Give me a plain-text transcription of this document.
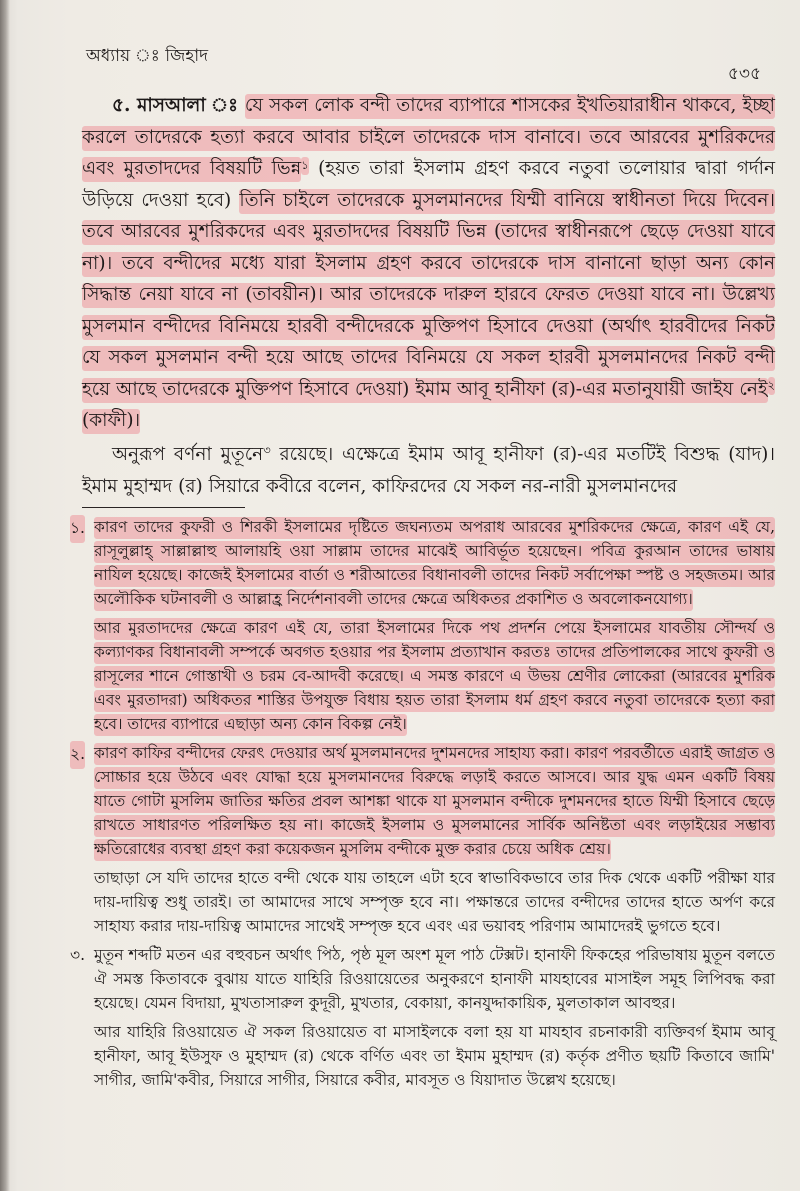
অধ্যায় ঃ জিহাদ
৫৩৫

৫. মাসআলা ঃ যে সকল লোক বন্দী তাদের ব্যাপারে শাসকের ইখতিয়ারাধীন থাকবে, ইচ্ছা করলে তাদেরকে হত্যা করবে আবার চাইলে তাদেরকে দাস বানাবে। তবে আরবের মুশরিকদের এবং মুরতাদদের বিষয়টি ভিন্ন$^১$ (হয়ত তারা ইসলাম গ্রহণ করবে নতুবা তলোয়ার দ্বারা গর্দান উড়িয়ে দেওয়া হবে) তিনি চাইলে তাদেরকে মুসলমানদের যিম্মী বানিয়ে স্বাধীনতা দিয়ে দিবেন। তবে আরবের মুশরিকদের এবং মুরতাদদের বিষয়টি ভিন্ন (তাদের স্বাধীনরূপে ছেড়ে দেওয়া যাবে না)। তবে বন্দীদের মধ্যে যারা ইসলাম গ্রহণ করবে তাদেরকে দাস বানানো ছাড়া অন্য কোন সিদ্ধান্ত নেয়া যাবে না (তাবয়ীন)। আর তাদেরকে দারুল হারবে ফেরত দেওয়া যাবে না। উল্লেখ্য মুসলমান বন্দীদের বিনিময়ে হারবী বন্দীদেরকে মুক্তিপণ হিসাবে দেওয়া (অর্থাৎ হারবীদের নিকট যে সকল মুসলমান বন্দী হয়ে আছে তাদের বিনিময়ে যে সকল হারবী মুসলমানদের নিকট বন্দী হয়ে আছে তাদেরকে মুক্তিপণ হিসাবে দেওয়া) ইমাম আবূ হানীফা (র)-এর মতানুযায়ী জাইয নেই$^২$ (কাফী)।

অনুরূপ বর্ণনা মুতূনে$^৩$ রয়েছে। এক্ষেত্রে ইমাম আবূ হানীফা (র)-এর মতটিই বিশুদ্ধ (যাদ)। ইমাম মুহাম্মদ (র) সিয়ারে কবীরে বলেন, কাফিরদের যে সকল নর-নারী মুসলমানদের

১. কারণ তাদের কুফরী ও শিরকী ইসলামের দৃষ্টিতে জঘন্যতম অপরাধ আরবের মুশরিকদের ক্ষেত্রে, কারণ এই যে, রাসূলুল্লাহ্ সাল্লাল্লাহু আলায়হি ওয়া সাল্লাম তাদের মাঝেই আবির্ভূত হয়েছেন। পবিত্র কুরআন তাদের ভাষায় নাযিল হয়েছে। কাজেই ইসলামের বার্তা ও শরীআতের বিধানাবলী তাদের নিকট সর্বাপেক্ষা স্পষ্ট ও সহজতম। আর অলৌকিক ঘটনাবলী ও আল্লাহ্র নির্দেশনাবলী তাদের ক্ষেত্রে অধিকতর প্রকাশিত ও অবলোকনযোগ্য।

আর মুরতাদদের ক্ষেত্রে কারণ এই যে, তারা ইসলামের দিকে পথ প্রদর্শন পেয়ে ইসলামের যাবতীয় সৌন্দর্য ও কল্যাণকর বিধানাবলী সম্পর্কে অবগত হওয়ার পর ইসলাম প্রত্যাখান করতঃ তাদের প্রতিপালকের সাথে কুফরী ও রাসূলের শানে গোস্তাখী ও চরম বে-আদবী করেছে। এ সমস্ত কারণে এ উভয় শ্রেণীর লোকেরা (আরবের মুশরিক এবং মুরতাদরা) অধিকতর শাস্তির উপযুক্ত বিধায় হয়ত তারা ইসলাম ধর্ম গ্রহণ করবে নতুবা তাদেরকে হত্যা করা হবে। তাদের ব্যাপারে এছাড়া অন্য কোন বিকল্প নেই।

২. কারণ কাফির বন্দীদের ফেরৎ দেওয়ার অর্থ মুসলমানদের দুশমনদের সাহায্য করা। কারণ পরবর্তীতে এরাই জাগ্রত ও সোচ্চার হয়ে উঠবে এবং যোদ্ধা হয়ে মুসলমানদের বিরুদ্ধে লড়াই করতে আসবে। আর যুদ্ধ এমন একটি বিষয় যাতে গোটা মুসলিম জাতির ক্ষতির প্রবল আশঙ্কা থাকে যা মুসলমান বন্দীকে দুশমনদের হাতে যিম্মী হিসাবে ছেড়ে রাখতে সাধারণত পরিলক্ষিত হয় না। কাজেই ইসলাম ও মুসলমানের সার্বিক অনিষ্টতা এবং লড়াইয়ের সম্ভাব্য ক্ষতিরোধের ব্যবস্থা গ্রহণ করা কয়েকজন মুসলিম বন্দীকে মুক্ত করার চেয়ে অধিক শ্রেয়।

তাছাড়া সে যদি তাদের হাতে বন্দী থেকে যায় তাহলে এটা হবে স্বাভাবিকভাবে তার দিক থেকে একটি পরীক্ষা যার দায়-দায়িত্ব শুধু তারই। তা আমাদের সাথে সম্পৃক্ত হবে না। পক্ষান্তরে তাদের বন্দীদের তাদের হাতে অর্পণ করে সাহায্য করার দায়-দায়িত্ব আমাদের সাথেই সম্পৃক্ত হবে এবং এর ভয়াবহ পরিণাম আমাদেরই ভুগতে হবে।

৩. মুতূন শব্দটি মতন এর বহুবচন অর্থাৎ পিঠ, পৃষ্ঠ মূল অংশ মূল পাঠ টেক্সট। হানাফী ফিকহের পরিভাষায় মুতূন বলতে ঐ সমস্ত কিতাবকে বুঝায় যাতে যাহিরি রিওয়ায়েতের অনুকরণে হানাফী মাযহাবের মাসাইল সমূহ লিপিবদ্ধ করা হয়েছে। যেমন বিদায়া, মুখতাসারুল কুদূরী, মুখতার, বেকায়া, কানযুদ্দাকায়িক, মুলতাকাল আবহুর।

আর যাহিরি রিওয়ায়েত ঐ সকল রিওয়ায়েত বা মাসাইলকে বলা হয় যা মাযহাব রচনাকারী ব্যক্তিবর্গ ইমাম আবূ হানীফা, আবূ ইউসুফ ও মুহাম্মদ (র) থেকে বর্ণিত এবং তা ইমাম মুহাম্মদ (র) কর্তৃক প্রণীত ছয়টি কিতাবে জামি' সাগীর, জামি'কবীর, সিয়ারে সাগীর, সিয়ারে কবীর, মাবসূত ও যিয়াদাত উল্লেখ হয়েছে।
